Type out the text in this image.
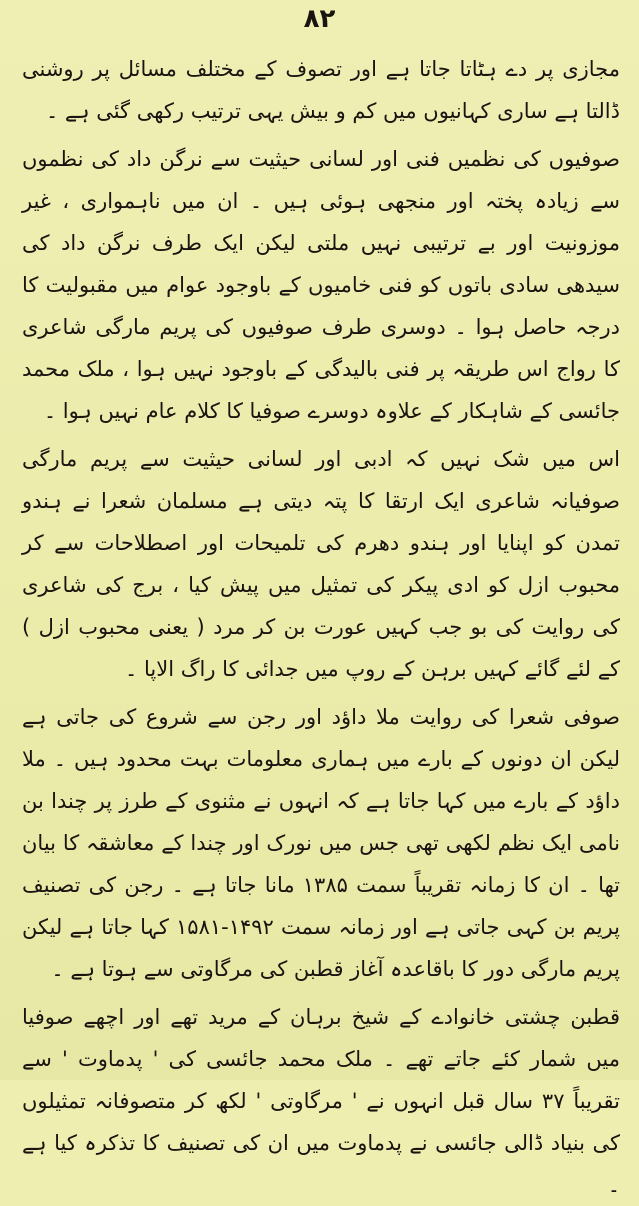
۸۲

مجازی پر دے ہٹاتا جاتا ہے اور تصوف کے مختلف مسائل پر روشنی ڈالتا ہے ساری کہانیوں میں کم و بیش یہی ترتیب رکھی گئی ہے ۔

صوفیوں کی نظمیں فنی اور لسانی حیثیت سے نرگن داد کی نظموں سے زیادہ پختہ اور منجھی ہوئی ہیں ۔ ان میں ناہمواری ، غیر موزونیت اور بے ترتیبی نہیں ملتی لیکن ایک طرف نرگن داد کی سیدھی سادی باتوں کو فنی خامیوں کے باوجود عوام میں مقبولیت کا درجہ حاصل ہوا ۔ دوسری طرف صوفیوں کی پریم مارگی شاعری کا رواج اس طریقہ پر فنی بالیدگی کے باوجود نہیں ہوا ، ملک محمد جائسی کے شاہکار کے علاوہ دوسرے صوفیا کا کلام عام نہیں ہوا ۔

اس میں شک نہیں کہ ادبی اور لسانی حیثیت سے پریم مارگی صوفیانہ شاعری ایک ارتقا کا پتہ دیتی ہے مسلمان شعرا نے ہندو تمدن کو اپنایا اور ہندو دھرم کی تلمیحات اور اصطلاحات سے کر محبوب ازل کو ادی پیکر کی تمثیل میں پیش کیا ، برج کی شاعری کی روایت کی بو جب کہیں عورت بن کر مرد ( یعنی محبوب ازل ) کے لئے گائے کہیں برہن کے روپ میں جدائی کا راگ الاپا ۔

صوفی شعرا کی روایت ملا داؤد اور رجن سے شروع کی جاتی ہے لیکن ان دونوں کے بارے میں ہماری معلومات بہت محدود ہیں ۔ ملا داؤد کے بارے میں کہا جاتا ہے کہ انہوں نے مثنوی کے طرز پر چندا بن نامی ایک نظم لکھی تھی جس میں نورک اور چندا کے معاشقہ کا بیان تھا ۔ ان کا زمانہ تقریباً سمت ۱۳۸۵ مانا جاتا ہے ۔ رجن کی تصنیف پریم بن کہی جاتی ہے اور زمانہ سمت ۱۴۹۲-۱۵۸۱ کہا جاتا ہے لیکن پریم مارگی دور کا باقاعدہ آغاز قطبن کی مرگاوتی سے ہوتا ہے ۔

قطبن چشتی خانوادے کے شیخ برہان کے مرید تھے اور اچھے صوفیا میں شمار کئے جاتے تھے ۔ ملک محمد جائسی کی ' پدماوت ' سے تقریباً ۳۷ سال قبل انہوں نے ' مرگاوتی ' لکھ کر متصوفانہ تمثیلوں کی بنیاد ڈالی جائسی نے پدماوت میں ان کی تصنیف کا تذکرہ کیا ہے ۔
